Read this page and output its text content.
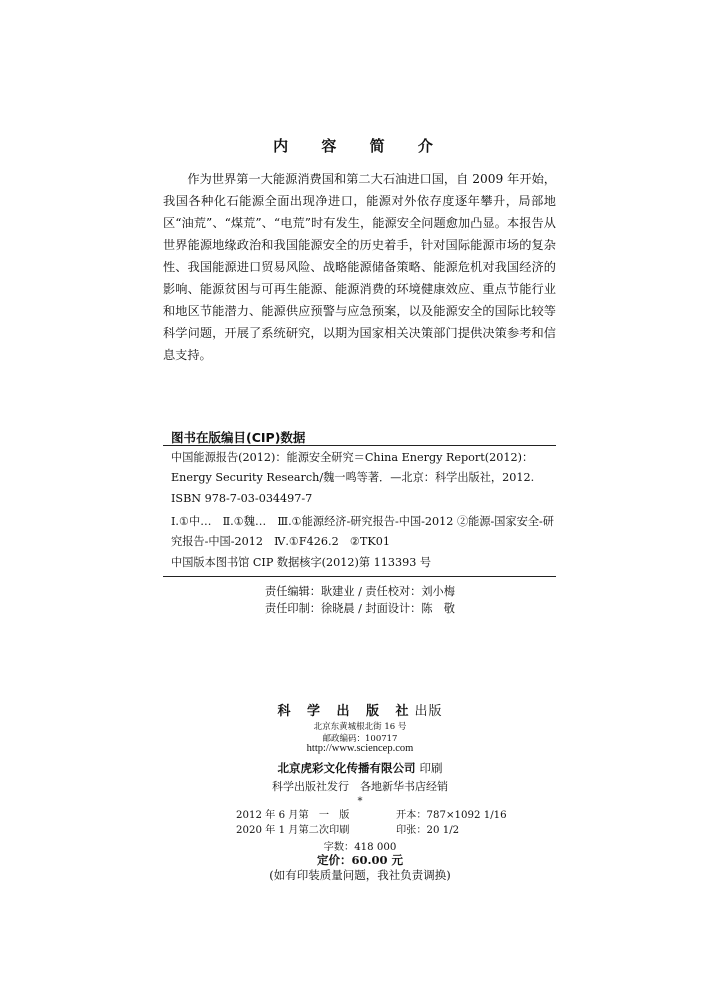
内 容 简 介

作为世界第一大能源消费国和第二大石油进口国，自 2009 年开始，我国各种化石能源全面出现净进口，能源对外依存度逐年攀升，局部地区“油荒”、“煤荒”、“电荒”时有发生，能源安全问题愈加凸显。本报告从世界能源地缘政治和我国能源安全的历史着手，针对国际能源市场的复杂性、我国能源进口贸易风险、战略能源储备策略、能源危机对我国经济的影响、能源贫困与可再生能源、能源消费的环境健康效应、重点节能行业和地区节能潜力、能源供应预警与应急预案，以及能源安全的国际比较等科学问题，开展了系统研究，以期为国家相关决策部门提供决策参考和信息支持。

图书在版编目(CIP)数据

中国能源报告(2012)：能源安全研究＝China Energy Report(2012)：Energy Security Research/魏一鸣等著．—北京：科学出版社，2012.

ISBN 978-7-03-034497-7

Ⅰ.①中…　Ⅱ.①魏…　Ⅲ.①能源经济-研究报告-中国-2012 ②能源-国家安全-研究报告-中国-2012　Ⅳ.①F426.2　②TK01

中国版本图书馆 CIP 数据核字(2012)第 113393 号

责任编辑：耿建业 / 责任校对：刘小梅
责任印制：徐晓晨 / 封面设计：陈　敬
科 学 出 版 社出版
北京东黄城根北街 16 号
邮政编码：100717
http://www.sciencep.com
北京虎彩文化传播有限公司 印刷
科学出版社发行　各地新华书店经销
*
2012 年 6 月第　一　版	开本：787×1092 1/16
2020 年 1 月第二次印刷	印张：20 1/2
字数：418 000
定价：60.00 元
(如有印装质量问题，我社负责调换)
